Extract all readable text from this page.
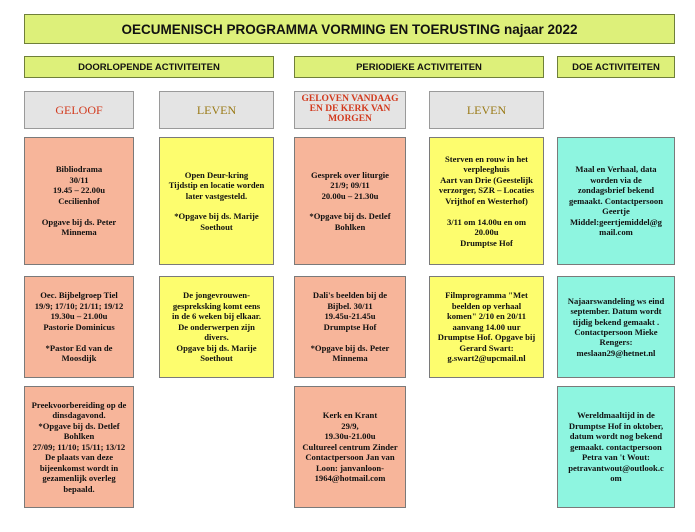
OECUMENISCH PROGRAMMA VORMING EN TOERUSTING najaar 2022
DOORLOPENDE ACTIVITEITEN	PERIODIEKE ACTIVITEITEN	DOE ACTIVITEITEN
GELOOF	LEVEN
GELOVEN VANDAAG EN DE KERK VAN MORGEN
LEVEN
Bibliodrama
30/11
19.45 – 22.00u
Cecilienhof

Opgave bij ds. Peter
Minnema
Open Deur-kring
Tijdstip en locatie worden
later vastgesteld.

*Opgave bij ds. Marije
Soethout
Gesprek over liturgie
21/9; 09/11
20.00u – 21.30u

*Opgave bij ds. Detlef
Bohlken
Sterven en rouw in het
verpleeghuis
Aart van Drie (Geestelijk
verzorger, SZR – Locaties
Vrijthof en Westerhof)

3/11 om 14.00u en om
20.00u
Drumptse Hof
Maal en Verhaal, data
worden via de
zondagsbrief bekend
gemaakt. Contactpersoon
Geertje
Middel:geertjemiddel@g
mail.com
Oec. Bijbelgroep Tiel
19/9; 17/10; 21/11; 19/12
19.30u – 21.00u
Pastorie Dominicus

*Pastor Ed van de
Moosdijk
De jongevrouwen-
gespreksking komt eens
in de 6 weken bij elkaar.
De onderwerpen zijn
divers.
Opgave bij ds. Marije
Soethout
Dali's beelden bij de
Bijbel. 30/11
19.45u-21.45u
Drumptse Hof

*Opgave bij ds. Peter
Minnema
Filmprogramma "Met
beelden op verhaal
komen" 2/10 en 20/11
aanvang 14.00 uur
Drumptse Hof. Opgave bij
Gerard Swart:
g.swart2@upcmail.nl
Najaarswandeling ws eind
september. Datum wordt
tijdig bekend gemaakt .
Contactpersoon Mieke
Rengers:
meslaan29@hetnet.nl
Preekvoorbereiding op de
dinsdagavond.
*Opgave bij ds. Detlef
Bohlken
27/09; 11/10; 15/11; 13/12
De plaats van deze
bijeenkomst wordt in
gezamenlijk overleg
bepaald.
Kerk en Krant
29/9,
19.30u-21.00u
Cultureel centrum Zinder
Contactpersoon Jan van
Loon: janvanloon-
1964@hotmail.com
Wereldmaaltijd in de
Drumptse Hof in oktober,
datum wordt nog bekend
gemaakt. contactpersoon
Petra van 't Wout:
petravantwout@outlook.c
om
